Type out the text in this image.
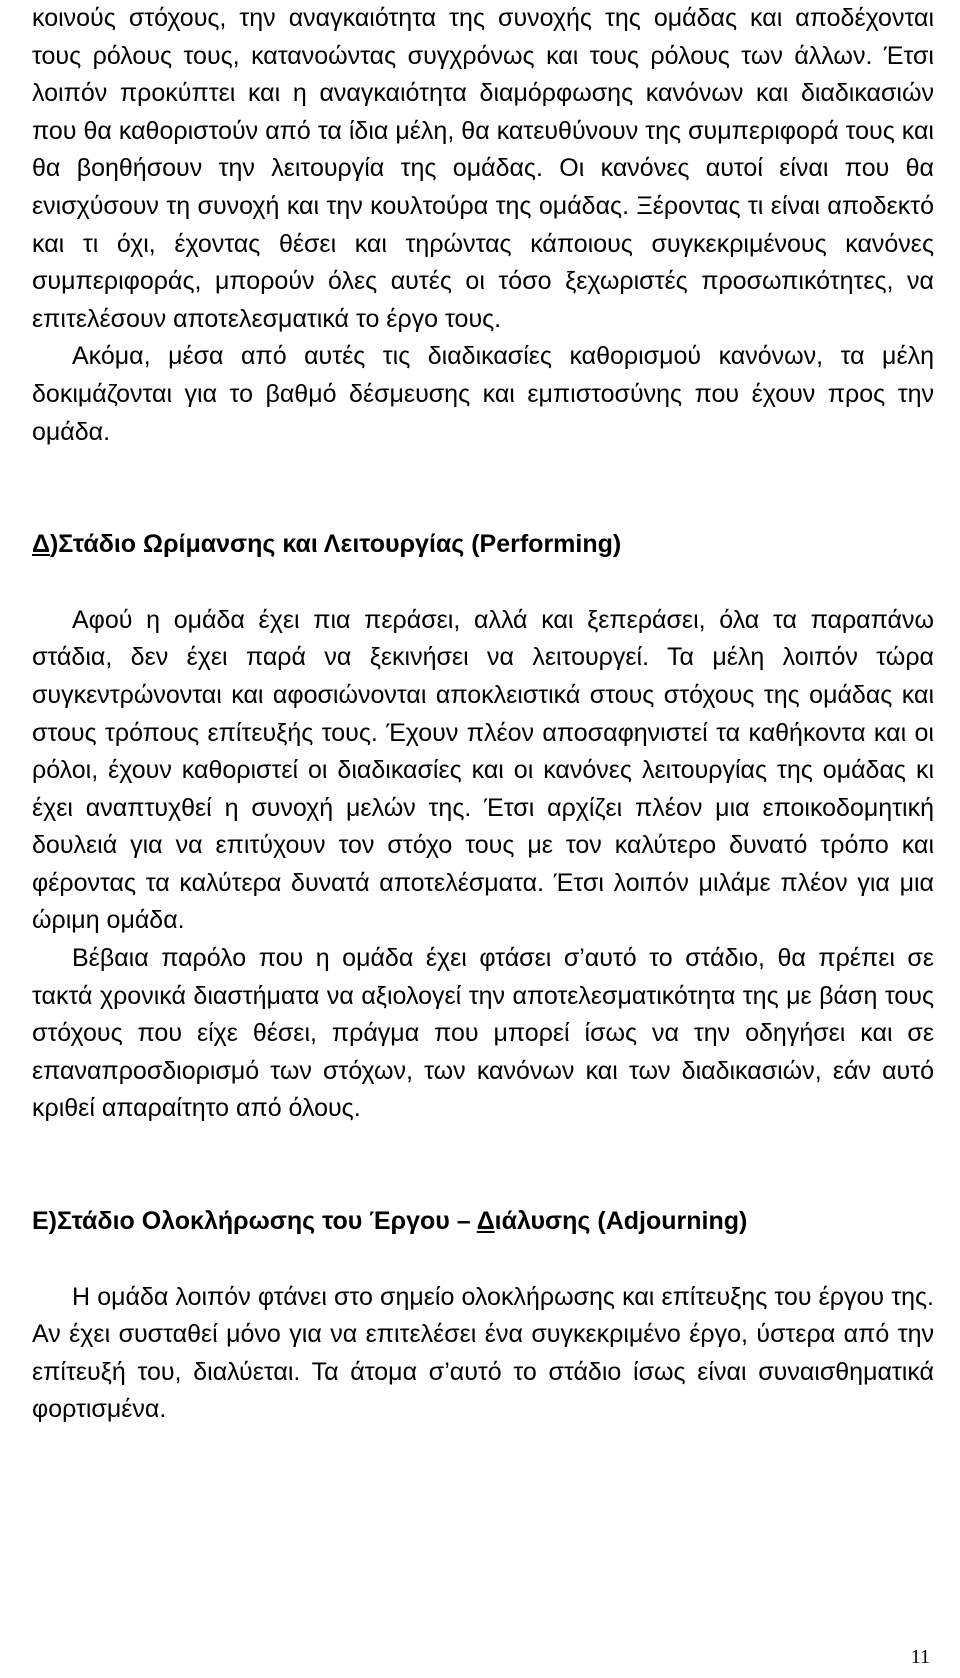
κοινούς στόχους, την αναγκαιότητα της συνοχής της ομάδας και αποδέχονται τους ρόλους τους, κατανοώντας συγχρόνως και τους ρόλους των άλλων. Έτσι λοιπόν προκύπτει και η αναγκαιότητα διαμόρφωσης κανόνων και διαδικασιών που θα καθοριστούν από τα ίδια μέλη, θα κατευθύνουν της συμπεριφορά τους και θα βοηθήσουν την λειτουργία της ομάδας. Οι κανόνες αυτοί είναι που θα ενισχύσουν τη συνοχή και την κουλτούρα της ομάδας. Ξέροντας τι είναι αποδεκτό και τι όχι, έχοντας θέσει και τηρώντας κάποιους συγκεκριμένους κανόνες συμπεριφοράς, μπορούν όλες αυτές οι τόσο ξεχωριστές προσωπικότητες, να επιτελέσουν αποτελεσματικά το έργο τους.

Ακόμα, μέσα από αυτές τις διαδικασίες καθορισμού κανόνων, τα μέλη δοκιμάζονται για το βαθμό δέσμευσης και εμπιστοσύνης που έχουν προς την ομάδα.

Δ)Στάδιο Ωρίμανσης και Λειτουργίας (Performing)

Αφού η ομάδα έχει πια περάσει, αλλά και ξεπεράσει, όλα τα παραπάνω στάδια, δεν έχει παρά να ξεκινήσει να λειτουργεί. Τα μέλη λοιπόν τώρα συγκεντρώνονται και αφοσιώνονται αποκλειστικά στους στόχους της ομάδας και στους τρόπους επίτευξής τους. Έχουν πλέον αποσαφηνιστεί τα καθήκοντα και οι ρόλοι, έχουν καθοριστεί οι διαδικασίες και οι κανόνες λειτουργίας της ομάδας κι έχει αναπτυχθεί η συνοχή μελών της. Έτσι αρχίζει πλέον μια εποικοδομητική δουλειά για να επιτύχουν τον στόχο τους με τον καλύτερο δυνατό τρόπο και φέροντας τα καλύτερα δυνατά αποτελέσματα. Έτσι λοιπόν μιλάμε πλέον για μια ώριμη ομάδα.

Βέβαια παρόλο που η ομάδα έχει φτάσει σ’αυτό το στάδιο, θα πρέπει σε τακτά χρονικά διαστήματα να αξιολογεί την αποτελεσματικότητα της με βάση τους στόχους που είχε θέσει, πράγμα που μπορεί ίσως να την οδηγήσει και σε επαναπροσδιορισμό των στόχων, των κανόνων και των διαδικασιών, εάν αυτό κριθεί απαραίτητο από όλους.

Ε)Στάδιο Ολοκλήρωσης του Έργου – Διάλυσης (Adjourning)

Η ομάδα λοιπόν φτάνει στο σημείο ολοκλήρωσης και επίτευξης του έργου της. Αν έχει συσταθεί μόνο για να επιτελέσει ένα συγκεκριμένο έργο, ύστερα από την επίτευξή του, διαλύεται. Τα άτομα σ’αυτό το στάδιο ίσως είναι συναισθηματικά φορτισμένα.

11
